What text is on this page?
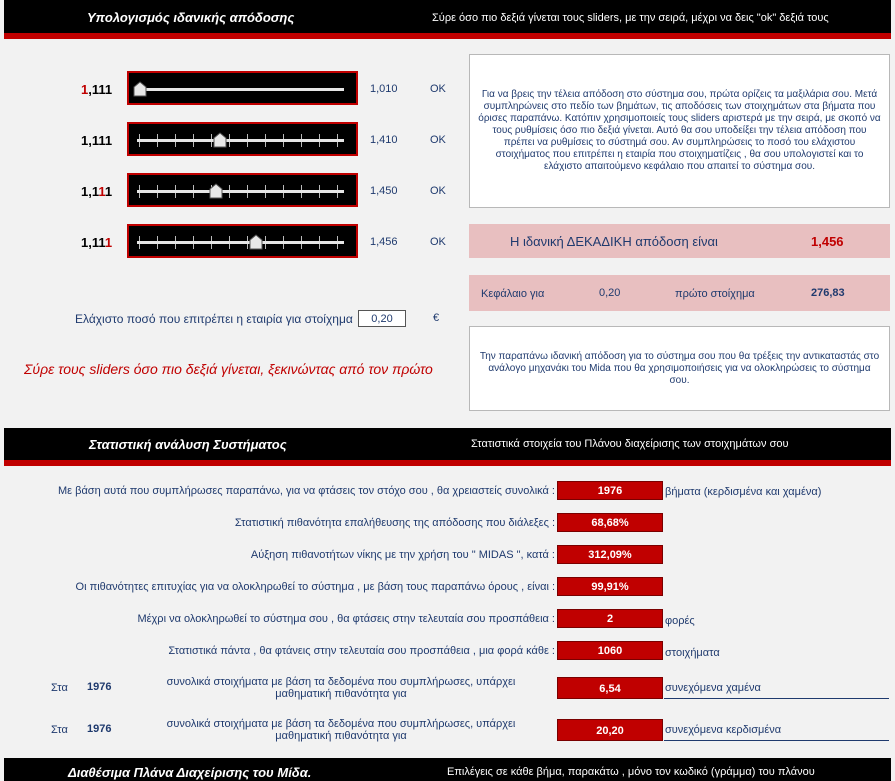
Υπολογισμός ιδανικής απόδοσης	Σύρε όσο πιο δεξιά γίνεται τους sliders, με την σειρά, μέχρι να δεις "ok" δεξιά τους
1,111	1,010	OK
1,111	1,410	OK
1,111	1,450	OK
1,111	1,456	OK
Για να βρεις την τέλεια απόδοση στο σύστημα σου, πρώτα ορίζεις τα μαξιλάρια σου. Μετά συμπληρώνεις στο πεδίο των βημάτων, τις αποδόσεις των στοιχημάτων στα βήματα που όρισες παραπάνω. Κατόπιν χρησιμοποιείς τους sliders αριστερά με την σειρά, με σκοπό να τους ρυθμίσεις όσο πιο δεξιά γίνεται. Αυτό θα σου υποδείξει την τέλεια απόδοση που πρέπει να ρυθμίσεις το σύστημά σου. Αν συμπληρώσεις το ποσό του ελάχιστου στοιχήματος που επιτρέπει η εταιρία που στοιχηματίζεις , θα σου υπολογιστεί και το ελάχιστο απαιτούμενο κεφάλαιο που απαιτεί το σύστημα σου.
Η ιδανική ΔΕΚΑΔΙΚΗ απόδοση είναι	1,456
Κεφάλαιο για	0,20	πρώτο στοίχημα	276,83
Ελάχιστο ποσό που επιτρέπει η εταιρία για στοίχημα
0,20	€
Σύρε τους sliders όσο πιο δεξιά γίνεται, ξεκινώντας από τον πρώτο
Την παραπάνω ιδανική απόδοση για το σύστημα σου που θα τρέξεις την αντικαταστάς στο ανάλογο μηχανάκι του Mida που θα χρησιμοποιήσεις για να ολοκληρώσεις το σύστημα σου.
Στατιστική ανάλυση Συστήματος	Στατιστικά στοιχεία του Πλάνου διαχείρισης των στοιχημάτων σου
Με βάση αυτά που συμπλήρωσες παραπάνω, για να φτάσεις τον στόχο σου , θα χρειαστείς συνολικά :	1976	βήματα (κερδισμένα και χαμένα)
Στατιστική πιθανότητα επαλήθευσης της απόδοσης που διάλεξες :	68,68%
Αύξηση πιθανοτήτων νίκης με την χρήση του " MIDAS ", κατά :	312,09%
Οι πιθανότητες επιτυχίας για να ολοκληρωθεί το σύστημα , με βάση τους παραπάνω όρους , είναι :	99,91%
Μέχρι να ολοκληρωθεί το σύστημα σου , θα φτάσεις στην τελευταία σου προσπάθεια :	2	φορές
Στατιστικά πάντα , θα φτάνεις στην τελευταία σου προσπάθεια , μια φορά κάθε :	1060	στοιχήματα
Στα 1976	συνολικά στοιχήματα με βάση τα δεδομένα που συμπλήρωσες, υπάρχει μαθηματική πιθανότητα για	6,54	συνεχόμενα χαμένα
Στα 1976	συνολικά στοιχήματα με βάση τα δεδομένα που συμπλήρωσες, υπάρχει μαθηματική πιθανότητα για	20,20	συνεχόμενα κερδισμένα
Διαθέσιμα Πλάνα Διαχείρισης του Μίδα.	Επιλέγεις σε κάθε βήμα, παρακάτω , μόνο τον κωδικό (γράμμα) του πλάνου
